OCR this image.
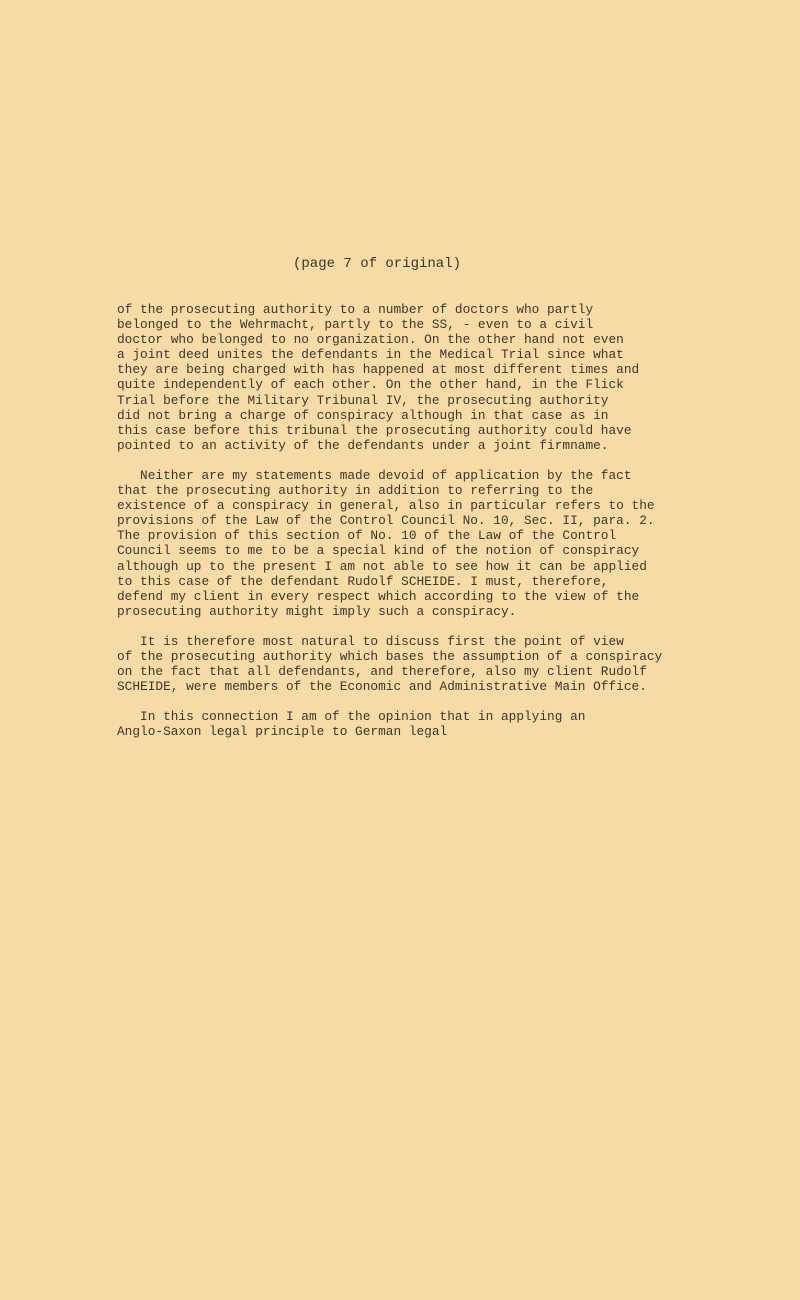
(page 7 of original)

of the prosecuting authority to a number of doctors who partly
belonged to the Wehrmacht, partly to the SS, - even to a civil
doctor who belonged to no organization. On the other hand not even
a joint deed unites the defendants in the Medical Trial since what
they are being charged with has happened at most different times and
quite independently of each other. On the other hand, in the Flick
Trial before the Military Tribunal IV, the prosecuting authority
did not bring a charge of conspiracy although in that case as in
this case before this tribunal the prosecuting authority could have
pointed to an activity of the defendants under a joint firmname.

Neither are my statements made devoid of application by the fact
that the prosecuting authority in addition to referring to the
existence of a conspiracy in general, also in particular refers to the
provisions of the Law of the Control Council No. 10, Sec. II, para. 2.
The provision of this section of No. 10 of the Law of the Control
Council seems to me to be a special kind of the notion of conspiracy
although up to the present I am not able to see how it can be applied
to this case of the defendant Rudolf SCHEIDE. I must, therefore,
defend my client in every respect which according to the view of the
prosecuting authority might imply such a conspiracy.

It is therefore most natural to discuss first the point of view
of the prosecuting authority which bases the assumption of a conspiracy
on the fact that all defendants, and therefore, also my client Rudolf
SCHEIDE, were members of the Economic and Administrative Main Office.

In this connection I am of the opinion that in applying an
Anglo-Saxon legal principle to German legal
